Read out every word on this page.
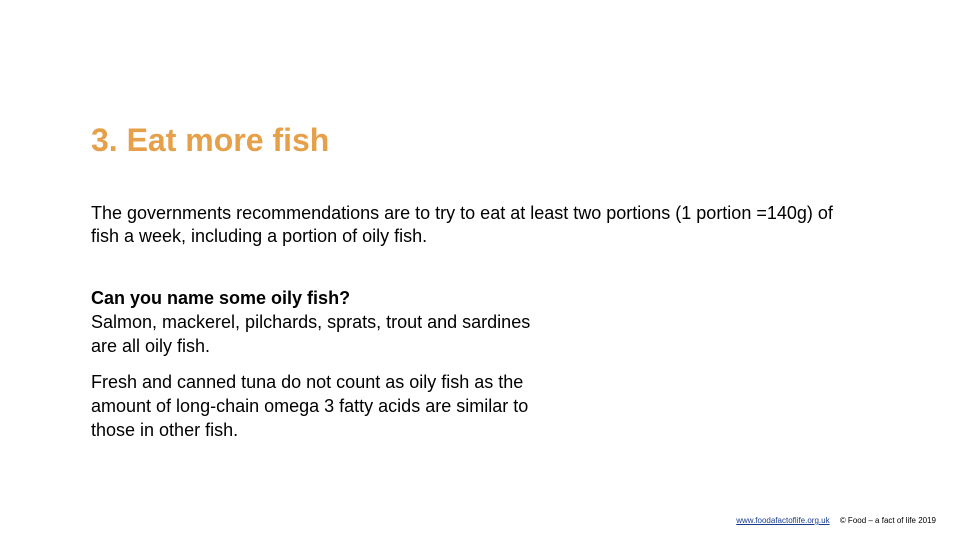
3. Eat more fish

The governments recommendations are to try to eat at least two portions (1 portion =140g) of fish a week, including a portion of oily fish.

Can you name some oily fish?
Salmon, mackerel, pilchards, sprats, trout and sardines are all oily fish.

Fresh and canned tuna do not count as oily fish as the amount of long-chain omega 3 fatty acids are similar to those in other fish.

www.foodafactoflife.org.uk © Food – a fact of life 2019
